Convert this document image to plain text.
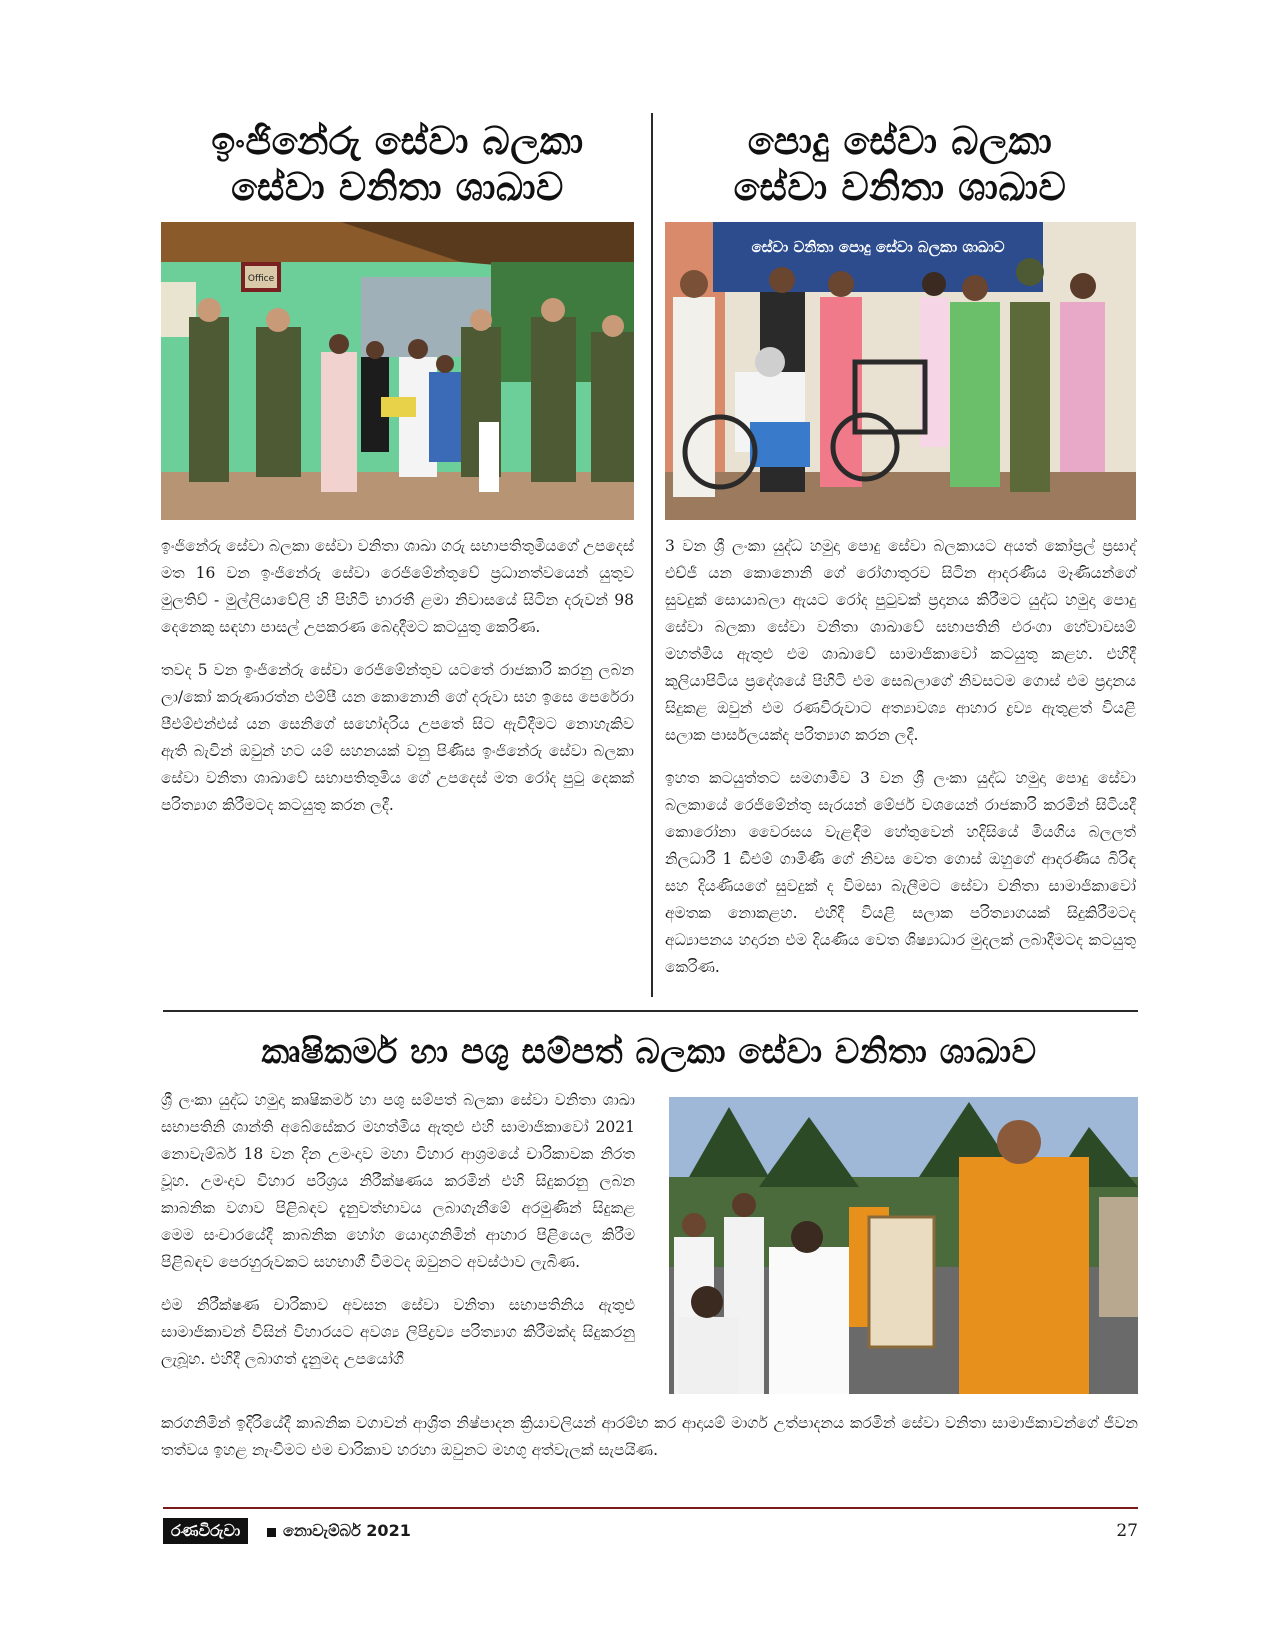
ඉංජිනේරු සේවා බලකා
සේවා වනිතා ශාඛාව
Office

ඉංජිනේරු සේවා බලකා සේවා වනිතා ශාඛා ගරු සභාපතිතුමියගේ උපදෙස් මත 16 වන ඉංජිනේරු සේවා රෙජිමේන්තුවේ ප්‍රධානත්වයෙන් යුතුව මුලතිව් - මුල්ලියාවේලි හි පිහිටි භාරතී ළමා නිවාසයේ සිටින දරුවන් 98 දෙනෙකු සඳහා පාසල් උපකරණ බෙදාදීමට කටයුතු කෙරිණ.

තවද 5 වන ඉංජිනේරු සේවා රෙජිමේන්තුව යටතේ රාජකාරි කරනු ලබන ලා/කෝ කරුණාරත්න එම්පී යන කොනොනි ගේ දරුවා සහ ඉසෙ පෙරේරා පීඑම්එන්එස් යන සෙනිගේ සහෝදරිය උපතේ සිට ඇවිදීමට නොහැකිව ඇති බැවින් ඔවුන් හට යම් සහනයක් වනු පිණිස ඉංජිනේරු සේවා බලකා සේවා වනිතා ශාඛාවේ සභාපතිතුමිය ගේ උපදෙස් මත රෝද පුටු දෙකක් පරිත්‍යාග කිරීමටද කටයුතු කරන ලදී.

පොදු සේවා බලකා
සේවා වනිතා ශාඛාව
සේවා වනිතා පොදු සේවා බලකා ශාඛාව

3 වන ශ්‍රී ලංකා යුද්ධ හමුදා පොදු සේවා බලකායට අයත් කෝප්‍රල් ප්‍රසාද් එච්ජී යන කොනොනි ගේ රෝගාතුරව සිටින ආදරණීය මෑණියන්ගේ සුවදුක් සොයාබලා ඇයට රෝද පුටුවක් ප්‍රදානය කිරීමට යුද්ධ හමුදා පොදු සේවා බලකා සේවා වනිතා ශාඛාවේ සභාපතිනි එරංගා හේවාවසම් මහත්මිය ඇතුළු එම ශාඛාවේ සාමාජිකාවෝ කටයුතු කළහ. එහිදී කුලියාපිටිය ප්‍රදේශයේ පිහිටි එම සෙබලාගේ නිවසටම ගොස් එම ප්‍රදානය සිදුකළ ඔවුන් එම රණවිරුවාට අත්‍යාවශ්‍ය ආහාර ද්‍රව්‍ය ඇතුළත් වියළි සලාක පාර්සලයක්ද පරිත්‍යාග කරන ලදී.

ඉහත කටයුත්තට සමගාමීව 3 වන ශ්‍රී ලංකා යුද්ධ හමුදා පොදු සේවා බලකායේ රෙජිමේන්තු සැරයන් මේජර් වශයෙන් රාජකාරි කරමින් සිටියදී කොරෝනා වෛරසය වැළඳීම හේතුවෙන් හදිසියේ මියගිය බලලත් නිලධාරී 1 ඩීඑම් ගාමිණී ගේ නිවස වෙත ගොස් ඔහුගේ ආදරණීය බිරිඳ සහ දියණියගේ සුවදුක් ද විමසා බැලීමට සේවා වනිතා සාමාජිකාවෝ අමතක නොකළහ. එහිදී වියළි සලාක පරිත්‍යාගයක් සිදුකිරීමටද අධ්‍යාපනය හදාරන එම දියණිය වෙත ශිෂ්‍යාධාර මුදලක් ලබාදීමටද කටයුතු කෙරිණ.

කෘෂිකර්ම හා පශු සම්පත් බලකා සේවා වනිතා ශාඛාව

ශ්‍රී ලංකා යුද්ධ හමුදා කෘෂිකර්ම හා පශු සම්පත් බලකා සේවා වනිතා ශාඛා සභාපතිනි ශාන්ති අබේසේකර මහත්මිය ඇතුළු එහි සාමාජිකාවෝ 2021 නොවැම්බර් 18 වන දින උමංදාව මහා විහාර ආශ්‍රමයේ චාරිකාවක නිරත වූහ. උමංදාව විහාර පරිශ්‍රය නිරීක්ෂණය කරමින් එහි සිදුකරනු ලබන කාබනික වගාව පිළිබඳව දැනුවත්භාවය ලබාගැනීමේ අරමුණින් සිදුකළ මෙම සංචාරයේදී කාබනික හෝග යොදාගනිමින් ආහාර පිළියෙල කිරීම පිළිබඳව පෙරහුරුවකට සහභාගී වීමටද ඔවුනට අවස්ථාව ලැබිණ.

එම නිරීක්ෂණ චාරිකාව අවසන සේවා වනිතා සභාපතිනිය ඇතුළු සාමාජිකාවන් විසින් විහාරයට අවශ්‍ය ලිපිද්‍රව්‍ය පරිත්‍යාග කිරීමක්ද සිදුකරනු ලැබූහ. එහිදී ලබාගත් දැනුමද උපයෝගී

කරගනිමින් ඉදිරියේදී කාබනික වගාවන් ආශ්‍රිත නිෂ්පාදන ක්‍රියාවලියන් ආරම්භ කර ආදායම් මාර්ග උත්පාදනය කරමින් සේවා වනිතා සාමාජිකාවන්ගේ ජීවන තත්වය ඉහළ නැංවීමට එම චාරිකාව හරහා ඔවුනට මහගු අත්වැලක් සැපයිණ.

රණවිරුවා	නොවැම්බර් 2021	27
